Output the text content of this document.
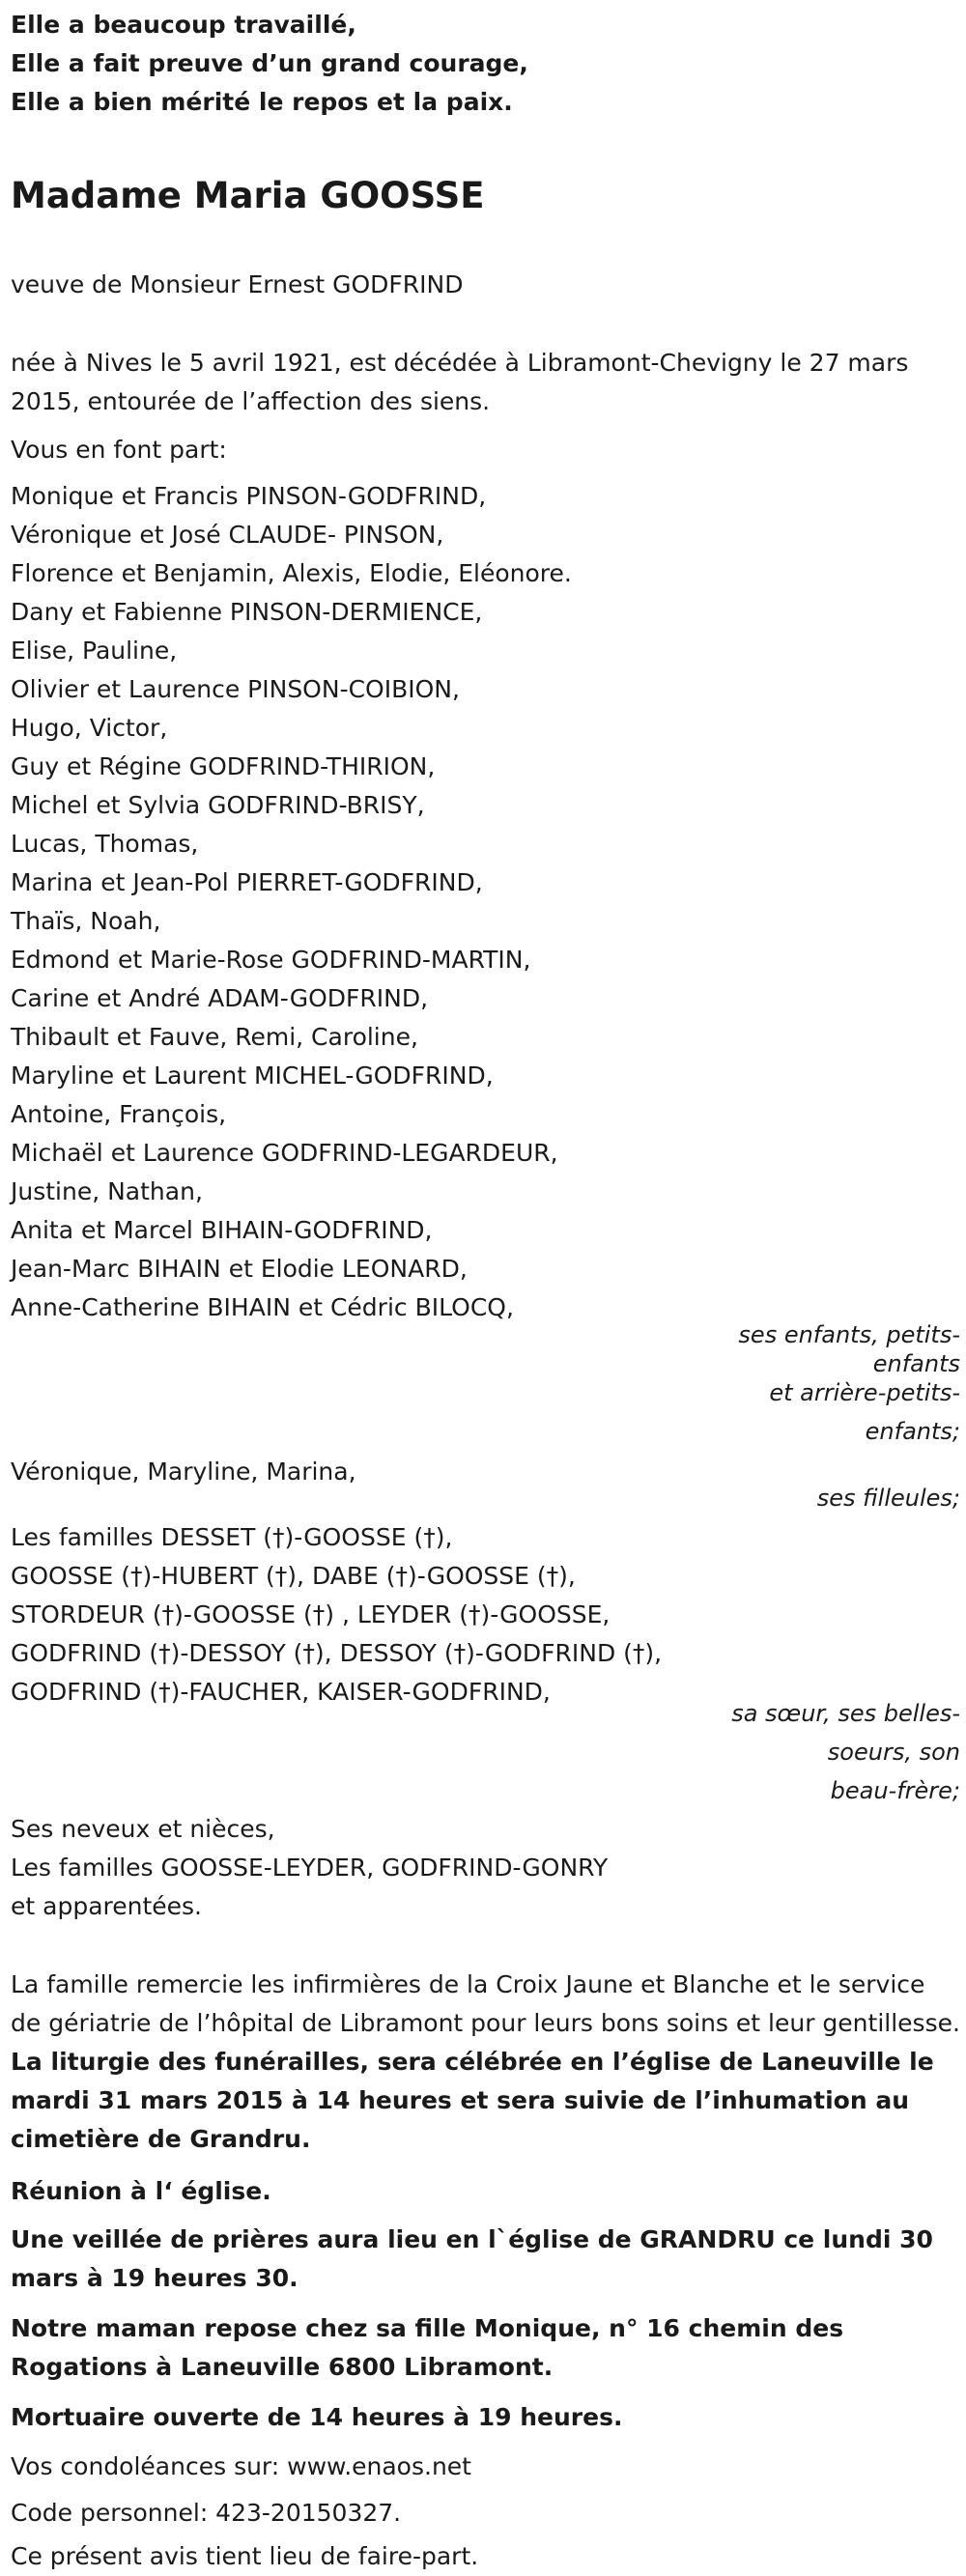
Elle a beaucoup travaillé,
Elle a fait preuve d’un grand courage,
Elle a bien mérité le repos et la paix.
Madame Maria GOOSSE
veuve de Monsieur Ernest GODFRIND
née à Nives le 5 avril 1921, est décédée à Libramont-Chevigny le 27 mars 2015, entourée de l’affection des siens.
Vous en font part:
Monique et Francis PINSON-GODFRIND,
Véronique et José CLAUDE- PINSON,
Florence et Benjamin, Alexis, Elodie, Eléonore.
Dany et Fabienne PINSON-DERMIENCE,
Elise, Pauline,
Olivier et Laurence PINSON-COIBION,
Hugo, Victor,
Guy et Régine GODFRIND-THIRION,
Michel et Sylvia GODFRIND-BRISY,
Lucas, Thomas,
Marina et Jean-Pol PIERRET-GODFRIND,
Thaïs, Noah,
Edmond et Marie-Rose GODFRIND-MARTIN,
Carine et André ADAM-GODFRIND,
Thibault et Fauve, Remi, Caroline,
Maryline et Laurent MICHEL-GODFRIND,
Antoine, François,
Michaël et Laurence GODFRIND-LEGARDEUR,
Justine, Nathan,
Anita et Marcel BIHAIN-GODFRIND,
Jean-Marc BIHAIN et Elodie LEONARD,
Anne-Catherine BIHAIN et Cédric BILOCQ,
ses enfants, petits-
enfants
et arrière-petits-
enfants;
Véronique, Maryline, Marina,
ses filleules;
Les familles DESSET (†)-GOOSSE (†),
GOOSSE (†)-HUBERT (†), DABE (†)-GOOSSE (†),
STORDEUR (†)-GOOSSE (†) , LEYDER (†)-GOOSSE,
GODFRIND (†)-DESSOY (†), DESSOY (†)-GODFRIND (†),
GODFRIND (†)-FAUCHER, KAISER-GODFRIND,
sa sœur, ses belles-
soeurs, son
beau-frère;
Ses neveux et nièces,
Les familles GOOSSE-LEYDER, GODFRIND-GONRY
et apparentées.
La famille remercie les infirmières de la Croix Jaune et Blanche et le service de gériatrie de l’hôpital de Libramont pour leurs bons soins et leur gentillesse. La liturgie des funérailles, sera célébrée en l’église de Laneuville le mardi 31 mars 2015 à 14 heures et sera suivie de l’inhumation au cimetière de Grandru.
Réunion à l‘ église.
Une veillée de prières aura lieu en l`église de GRANDRU ce lundi 30 mars à 19 heures 30.
Notre maman repose chez sa fille Monique, n° 16 chemin des Rogations à Laneuville 6800 Libramont.
Mortuaire ouverte de 14 heures à 19 heures.
Vos condoléances sur: www.enaos.net
Code personnel: 423-20150327.
Ce présent avis tient lieu de faire-part.
